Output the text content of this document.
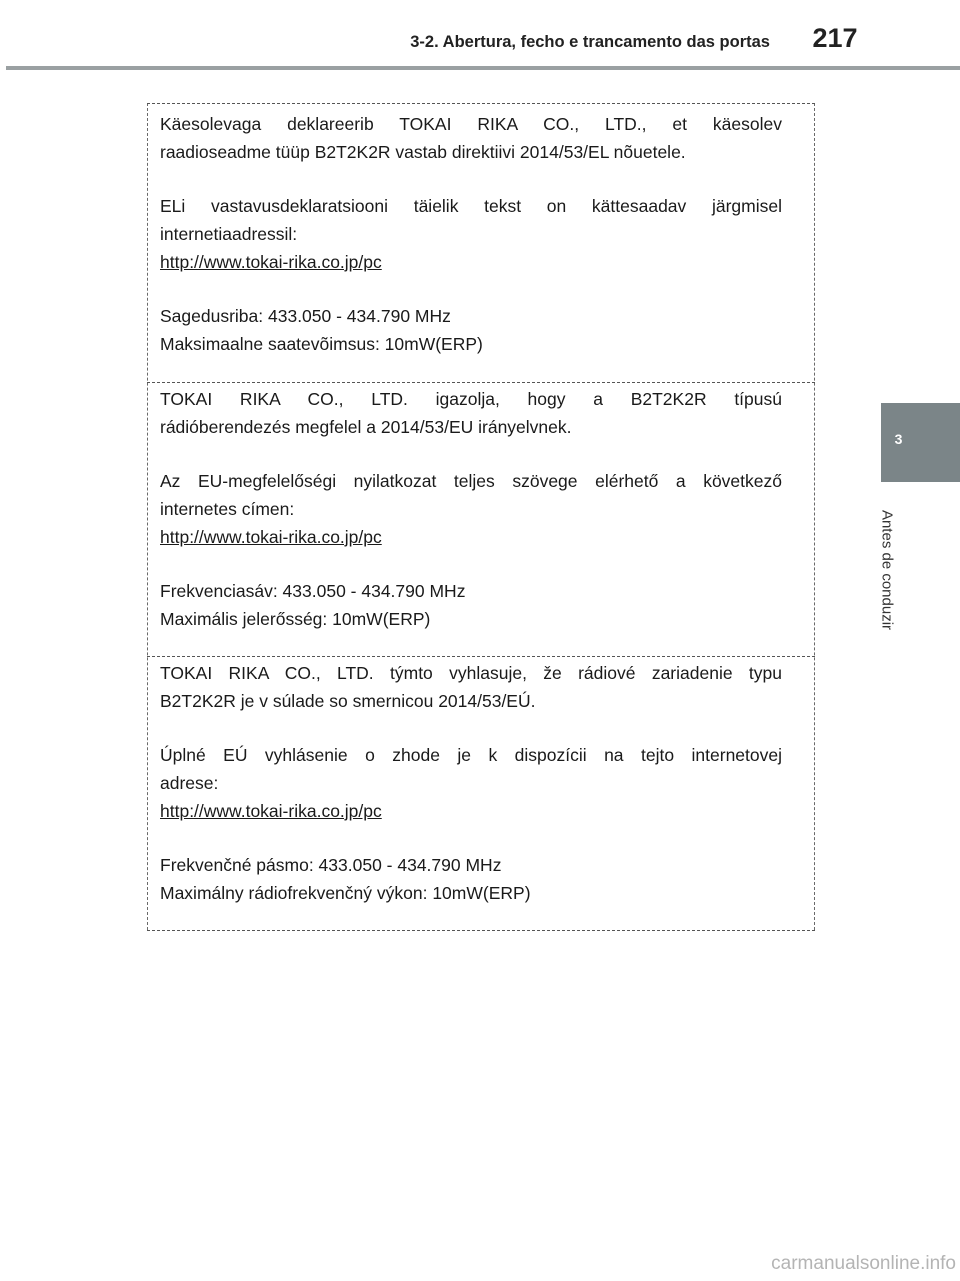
3-2. Abertura, fecho e trancamento das portas	217
3
Antes de conduzir

Käesolevaga deklareerib TOKAI RIKA CO., LTD., et käesolev

raadioseadme tüüp B2T2K2R vastab direktiivi 2014/53/EL nõuetele.

ELi vastavusdeklaratsiooni täielik tekst on kättesaadav järgmisel

internetiaadressil:

http://www.tokai-rika.co.jp/pc

Sagedusriba: 433.050 - 434.790 MHz

Maksimaalne saatevõimsus: 10mW(ERP)

TOKAI RIKA CO., LTD. igazolja, hogy a B2T2K2R típusú

rádióberendezés megfelel a 2014/53/EU irányelvnek.

Az EU-megfelelőségi nyilatkozat teljes szövege elérhető a következő

internetes címen:

http://www.tokai-rika.co.jp/pc

Frekvenciasáv: 433.050 - 434.790 MHz

Maximális jelerősség: 10mW(ERP)

TOKAI RIKA CO., LTD. týmto vyhlasuje, že rádiové zariadenie typu

B2T2K2R je v súlade so smernicou 2014/53/EÚ.

Úplné EÚ vyhlásenie o zhode je k dispozícii na tejto internetovej

adrese:

http://www.tokai-rika.co.jp/pc

Frekvenčné pásmo: 433.050 - 434.790 MHz

Maximálny rádiofrekvenčný výkon: 10mW(ERP)

carmanualsonline.info
